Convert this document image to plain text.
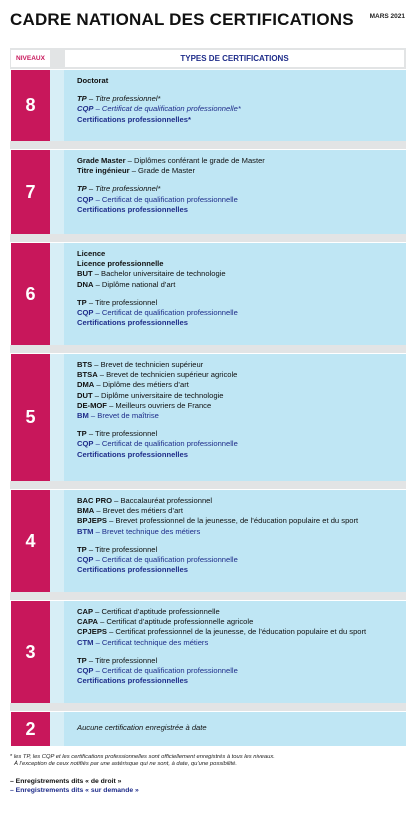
CADRE NATIONAL DES CERTIFICATIONS MARS 2021
NIVEAUX	TYPES DE CERTIFICATIONS
8
Doctorat
TP – Titre professionnel*
CQP – Certificat de qualification professionnelle*
Certifications professionnelles*
7
Grade Master – Diplômes conférant le grade de Master
Titre ingénieur – Grade de Master
TP – Titre professionnel*
CQP – Certificat de qualification professionnelle
Certifications professionnelles
6
Licence
Licence professionnelle
BUT – Bachelor universitaire de technologie
DNA – Diplôme national d’art
TP – Titre professionnel
CQP – Certificat de qualification professionnelle
Certifications professionnelles
5
BTS – Brevet de technicien supérieur
BTSA – Brevet de technicien supérieur agricole
DMA – Diplôme des métiers d’art
DUT – Diplôme universitaire de technologie
DE-MOF – Meilleurs ouvriers de France
BM – Brevet de maîtrise
TP – Titre professionnel
CQP – Certificat de qualification professionnelle
Certifications professionnelles
4
BAC PRO – Baccalauréat professionnel
BMA – Brevet des métiers d’art
BPJEPS – Brevet professionnel de la jeunesse, de l’éducation populaire et du sport
BTM – Brevet technique des métiers
TP – Titre professionnel
CQP – Certificat de qualification professionnelle
Certifications professionnelles
3
CAP – Certificat d’aptitude professionnelle
CAPA – Certificat d’aptitude professionnelle agricole
CPJEPS – Certificat professionnel de la jeunesse, de l’éducation populaire et du sport
CTM – Certificat technique des métiers
TP – Titre professionnel
CQP – Certificat de qualification professionnelle
Certifications professionnelles
2	Aucune certification enregistrée à date
* les TP, les CQP et les certifications professionnelles sont officiellement enregistrés à tous les niveaux.
À l’exception de ceux notifiés par une astérisque qui ne sont, à date, qu’une possibilité.
– Enregistrements dits « de droit »
– Enregistrements dits « sur demande »
